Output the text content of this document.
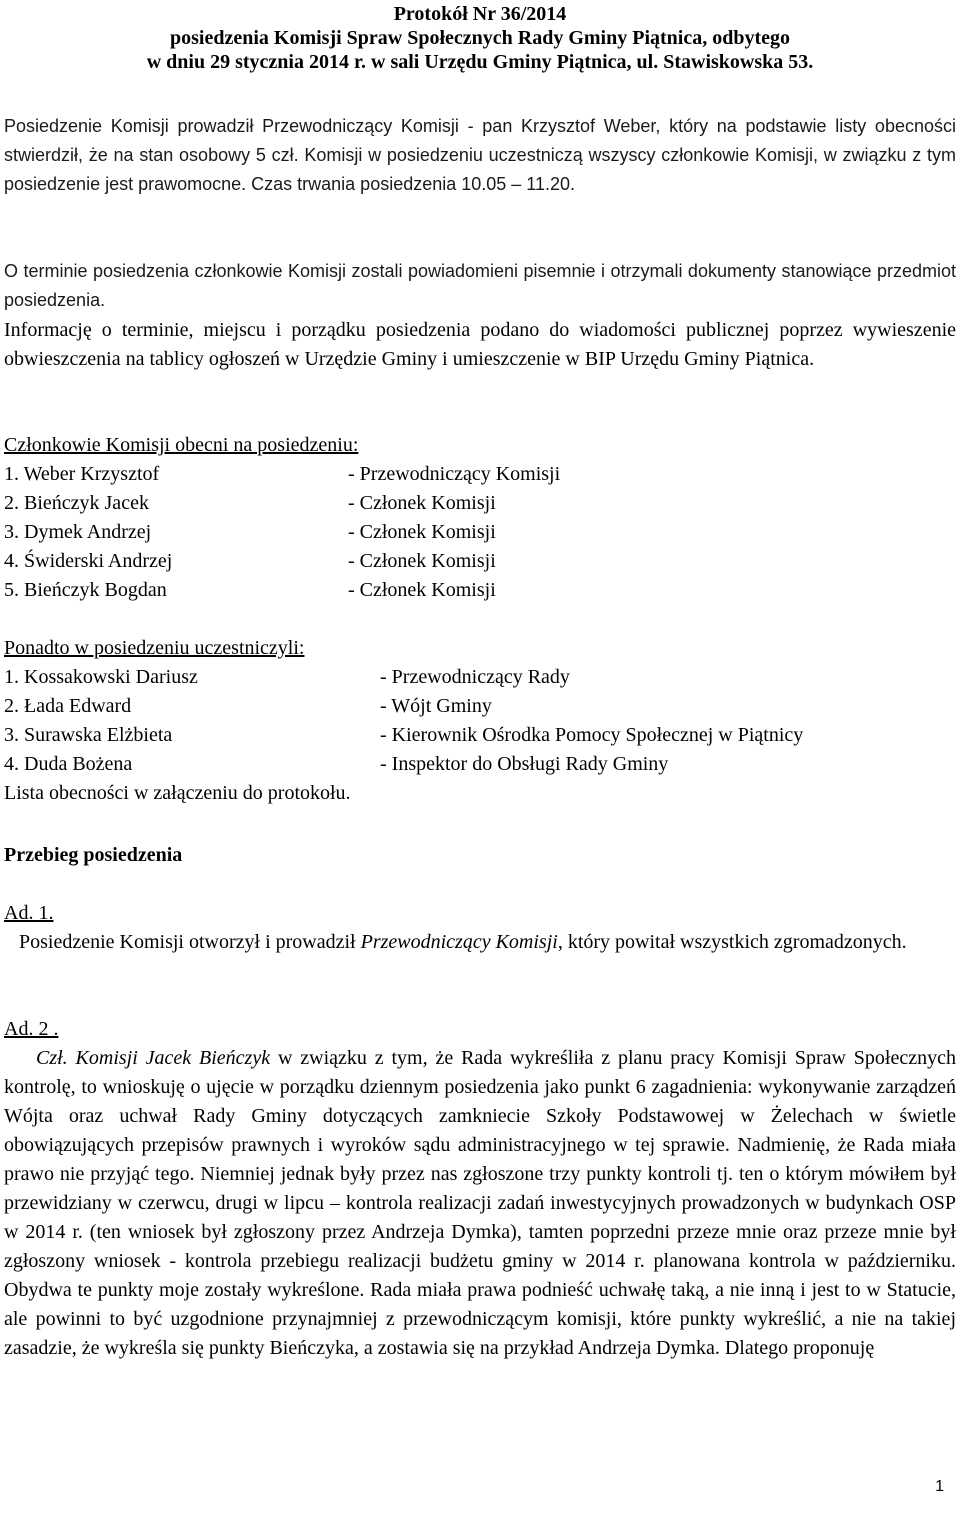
Protokół Nr 36/2014
posiedzenia Komisji Spraw Społecznych Rady Gminy Piątnica, odbytego
w dniu 29 stycznia 2014 r. w sali Urzędu Gminy Piątnica, ul. Stawiskowska 53.

Posiedzenie Komisji prowadził Przewodniczący Komisji - pan Krzysztof Weber, który na podstawie listy obecności stwierdził, że na stan osobowy 5 czł. Komisji w posiedzeniu uczestniczą wszyscy członkowie Komisji, w związku z tym posiedzenie jest prawomocne. Czas trwania posiedzenia 10.05 – 11.20.

O terminie posiedzenia członkowie Komisji zostali powiadomieni pisemnie i otrzymali dokumenty stanowiące przedmiot posiedzenia.

Informację o terminie, miejscu i porządku posiedzenia podano do wiadomości publicznej poprzez wywieszenie obwieszczenia na tablicy ogłoszeń w Urzędzie Gminy i umieszczenie w BIP Urzędu Gminy Piątnica.

Członkowie Komisji obecni na posiedzeniu:
1. Weber Krzysztof	- Przewodniczący Komisji
2. Bieńczyk Jacek	- Członek Komisji
3. Dymek Andrzej	- Członek Komisji
4. Świderski Andrzej	- Członek Komisji
5. Bieńczyk Bogdan	- Członek Komisji
Ponadto w posiedzeniu uczestniczyli:
1. Kossakowski Dariusz	- Przewodniczący Rady
2. Łada Edward	- Wójt Gminy
3. Surawska Elżbieta	- Kierownik Ośrodka Pomocy Społecznej w Piątnicy
4. Duda Bożena	- Inspektor do Obsługi Rady Gminy
Lista obecności w załączeniu do protokołu.
Przebieg posiedzenia
Ad. 1.

Posiedzenie Komisji otworzył i prowadził Przewodniczący Komisji, który powitał wszystkich zgromadzonych.

Ad. 2 .

Czł. Komisji Jacek Bieńczyk w związku z tym, że Rada wykreśliła z planu pracy Komisji Spraw Społecznych kontrolę, to wnioskuję o ujęcie w porządku dziennym posiedzenia jako punkt 6 zagadnienia: wykonywanie zarządzeń Wójta oraz uchwał Rady Gminy dotyczących zamkniecie Szkoły Podstawowej w Żelechach w świetle obowiązujących przepisów prawnych i wyroków sądu administracyjnego w tej sprawie. Nadmienię, że Rada miała prawo nie przyjąć tego. Niemniej jednak były przez nas zgłoszone trzy punkty kontroli tj. ten o którym mówiłem był przewidziany w czerwcu, drugi w lipcu – kontrola realizacji zadań inwestycyjnych prowadzonych w budynkach OSP w 2014 r. (ten wniosek był zgłoszony przez Andrzeja Dymka), tamten poprzedni przeze mnie oraz przeze mnie był zgłoszony wniosek - kontrola przebiegu realizacji budżetu gminy w 2014 r. planowana kontrola w październiku. Obydwa te punkty moje zostały wykreślone. Rada miała prawa podnieść uchwałę taką, a nie inną i jest to w Statucie, ale powinni to być uzgodnione przynajmniej z przewodniczącym komisji, które punkty wykreślić, a nie na takiej zasadzie, że wykreśla się punkty Bieńczyka, a zostawia się na przykład Andrzeja Dymka. Dlatego proponuję

1
